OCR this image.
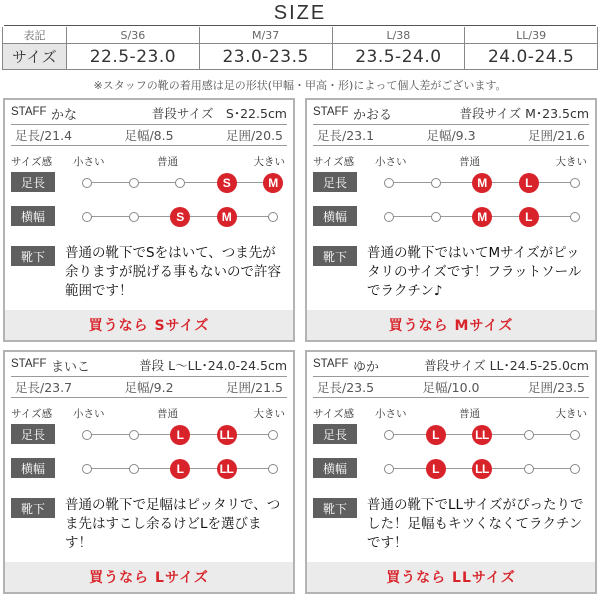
SIZE
表記	S/36	M/37	L/38	LL/39
サイズ	22.5-23.0	23.0-23.5	23.5-24.0	24.0-24.5
※スタッフの靴の着用感は足の形状(甲幅・甲高・形)によって個人差がございます。
STAFF かな	普段サイズ　S･22.5cm
足長/21.4	足幅/8.5	足囲/20.5
サイズ感 小さい	普通	大きい
足長	S	M
横幅	S	M
靴下	普通の靴下でSをはいて、つま先が余りますが脱げる事もないので許容範囲です！
買うなら Sサイズ
STAFF かおる	普段サイズ M･23.5cm
足長/23.1	足幅/9.3	足囲/21.6
サイズ感 小さい	普通	大きい
足長	M	L
横幅	M	L
靴下	普通の靴下ではいてMサイズがピッタリのサイズです！フラットソールでラクチン♪
買うなら Mサイズ
STAFF まいこ	普段 L〜LL･24.0-24.5cm
足長/23.7	足幅/9.2	足囲/21.5
サイズ感 小さい	普通	大きい
足長	L	LL
横幅	L	LL
靴下	普通の靴下で足幅はピッタリで、つま先はすこし余るけどLを選びます！
買うなら Lサイズ
STAFF ゆか	普段サイズ LL･24.5-25.0cm
足長/23.5	足幅/10.0	足囲/23.5
サイズ感 小さい	普通	大きい
足長	L	LL
横幅	L	LL
靴下	普通の靴下でLLサイズがぴったりでした！足幅もキツくなくてラクチンです！
買うなら LLサイズ
